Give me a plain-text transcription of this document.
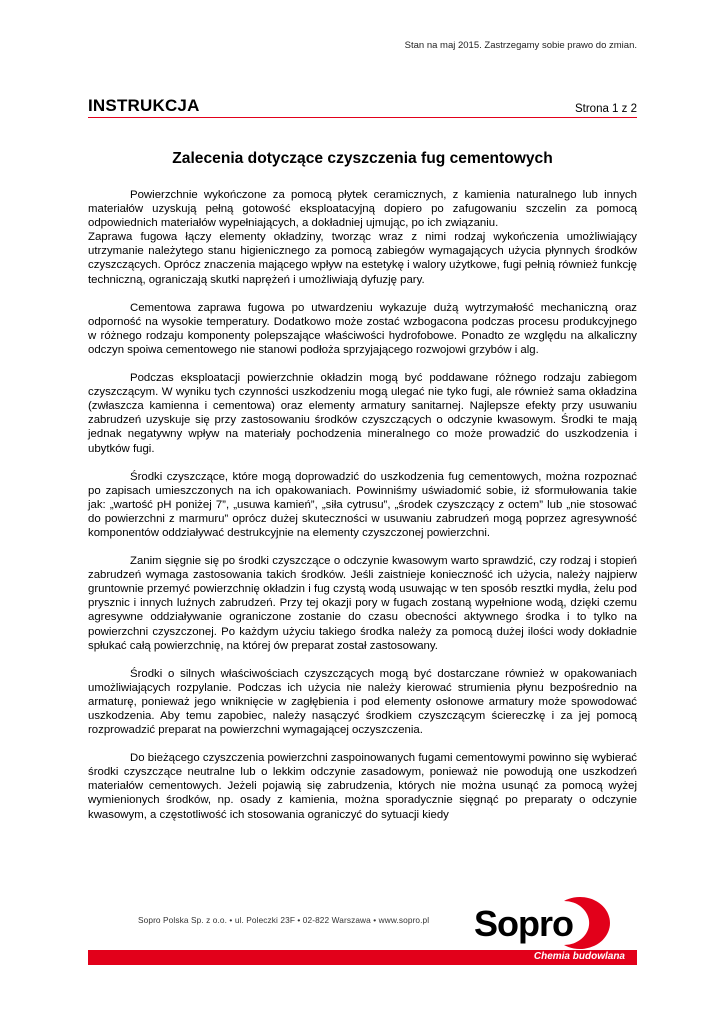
Stan na maj 2015. Zastrzegamy sobie prawo do zmian.
INSTRUKCJA	Strona 1 z 2
Zalecenia dotyczące czyszczenia fug cementowych

Powierzchnie wykończone za pomocą płytek ceramicznych, z kamienia naturalnego lub innych materiałów uzyskują pełną gotowość eksploatacyjną dopiero po zafugowaniu szczelin za pomocą odpowiednich materiałów wypełniających, a dokładniej ujmując, po ich związaniu.

Zaprawa fugowa łączy elementy okładziny, tworząc wraz z nimi rodzaj wykończenia umożliwiający utrzymanie należytego stanu higienicznego za pomocą zabiegów wymagających użycia płynnych środków czyszczących. Oprócz znaczenia mającego wpływ na estetykę i walory użytkowe, fugi pełnią również funkcję techniczną, ograniczają skutki naprężeń i umożliwiają dyfuzję pary.

Cementowa zaprawa fugowa po utwardzeniu wykazuje dużą wytrzymałość mechaniczną oraz odporność na wysokie temperatury. Dodatkowo może zostać wzbogacona podczas procesu produkcyjnego w różnego rodzaju komponenty polepszające właściwości hydrofobowe. Ponadto ze względu na alkaliczny odczyn spoiwa cementowego nie stanowi podłoża sprzyjającego rozwojowi grzybów i alg.

Podczas eksploatacji powierzchnie okładzin mogą być poddawane różnego rodzaju zabiegom czyszczącym. W wyniku tych czynności uszkodzeniu mogą ulegać nie tyko fugi, ale również sama okładzina (zwłaszcza kamienna i cementowa) oraz elementy armatury sanitarnej. Najlepsze efekty przy usuwaniu zabrudzeń uzyskuje się przy zastosowaniu środków czyszczących o odczynie kwasowym. Środki te mają jednak negatywny wpływ na materiały pochodzenia mineralnego co może prowadzić do uszkodzenia i ubytków fugi.

Środki czyszczące, które mogą doprowadzić do uszkodzenia fug cementowych, można rozpoznać po zapisach umieszczonych na ich opakowaniach. Powinniśmy uświadomić sobie, iż sformułowania takie jak: „wartość pH poniżej 7”, „usuwa kamień”, „siła cytrusu”, „środek czyszczący z octem” lub „nie stosować do powierzchni z marmuru” oprócz dużej skuteczności w usuwaniu zabrudzeń mogą poprzez agresywność komponentów oddziaływać destrukcyjnie na elementy czyszczonej powierzchni.

Zanim sięgnie się po środki czyszczące o odczynie kwasowym warto sprawdzić, czy rodzaj i stopień zabrudzeń wymaga zastosowania takich środków. Jeśli zaistnieje konieczność ich użycia, należy najpierw gruntownie przemyć powierzchnię okładzin i fug czystą wodą usuwając w ten sposób resztki mydła, żelu pod prysznic i innych luźnych zabrudzeń. Przy tej okazji pory w fugach zostaną wypełnione wodą, dzięki czemu agresywne oddziaływanie ograniczone zostanie do czasu obecności aktywnego środka i to tylko na powierzchni czyszczonej. Po każdym użyciu takiego środka należy za pomocą dużej ilości wody dokładnie spłukać całą powierzchnię, na której ów preparat został zastosowany.

Środki o silnych właściwościach czyszczących mogą być dostarczane również w opakowaniach umożliwiających rozpylanie. Podczas ich użycia nie należy kierować strumienia płynu bezpośrednio na armaturę, ponieważ jego wniknięcie w zagłębienia i pod elementy osłonowe armatury może spowodować uszkodzenia. Aby temu zapobiec, należy nasączyć środkiem czyszczącym ściereczkę i za jej pomocą rozprowadzić preparat na powierzchni wymagającej oczyszczenia.

Do bieżącego czyszczenia powierzchni zaspoinowanych fugami cementowymi powinno się wybierać środki czyszczące neutralne lub o lekkim odczynie zasadowym, ponieważ nie powodują one uszkodzeń materiałów cementowych. Jeżeli pojawią się zabrudzenia, których nie można usunąć za pomocą wyżej wymienionych środków, np. osady z kamienia, można sporadycznie sięgnąć po preparaty o odczynie kwasowym, a częstotliwość ich stosowania ograniczyć do sytuacji kiedy

Sopro Polska Sp. z o.o. • ul. Poleczki 23F • 02-822 Warszawa • www.sopro.pl Sopro
Chemia budowlana
